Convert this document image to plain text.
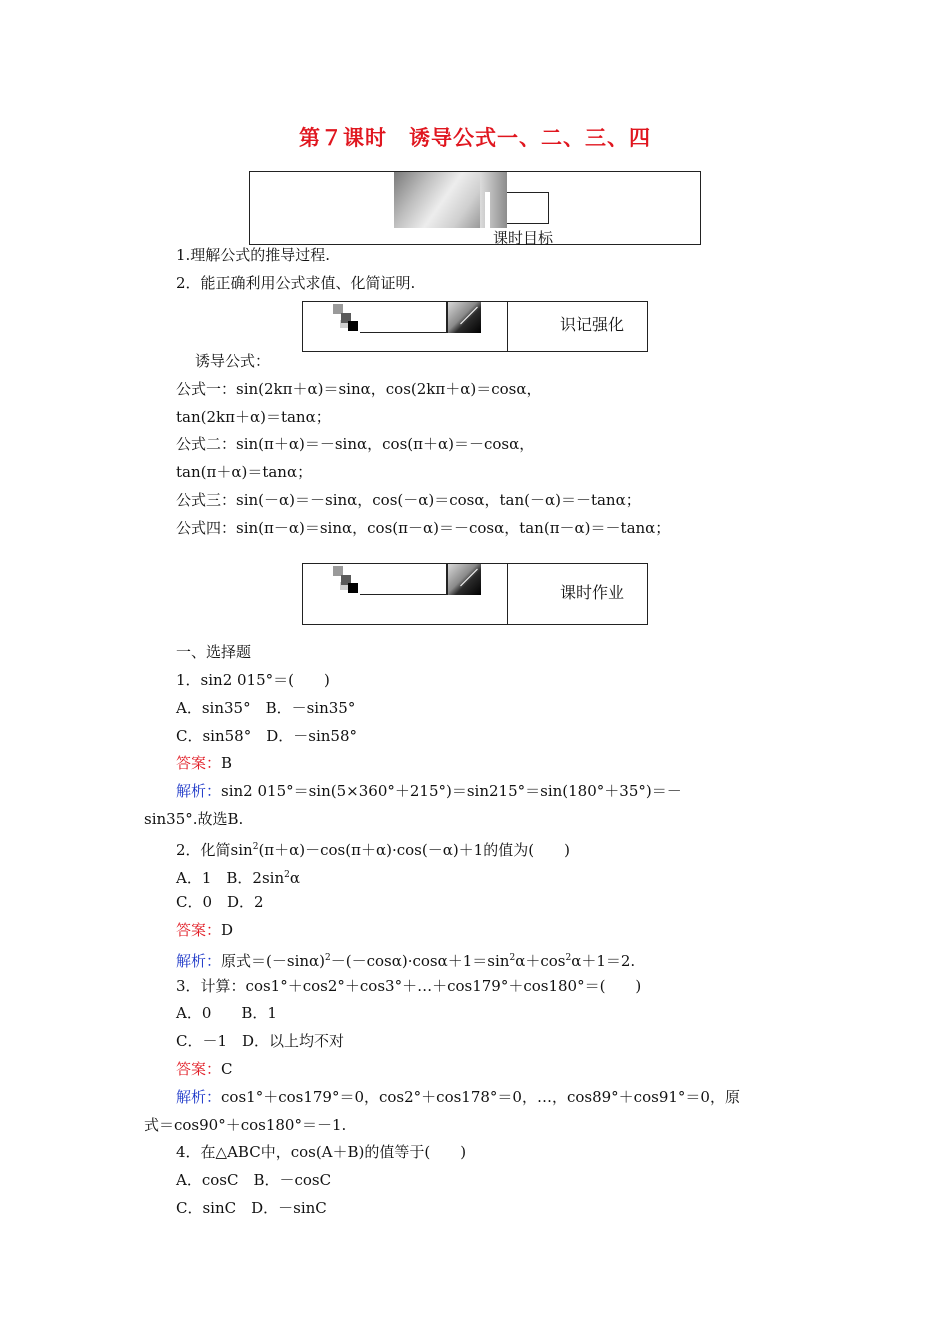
第７课时　诱导公式一、二、三、四
课时目标
1.理解公式的推导过程.
2．能正确利用公式求值、化简证明.
识记强化
诱导公式：
公式一：sin(2kπ＋α)＝sinα，cos(2kπ＋α)＝cosα，
tan(2kπ＋α)＝tanα；
公式二：sin(π＋α)＝－sinα，cos(π＋α)＝－cosα，
tan(π＋α)＝tanα；
公式三：sin(－α)＝－sinα，cos(－α)＝cosα，tan(－α)＝－tanα；
公式四：sin(π－α)＝sinα，cos(π－α)＝－cosα，tan(π－α)＝－tanα；
课时作业
一、选择题
1．sin2 015°＝(　　)
A．sin35°　B．－sin35°
C．sin58°　D．－sin58°
答案：B
解析：sin2 015°＝sin(5×360°＋215°)＝sin215°＝sin(180°＋35°)＝－
sin35°.故选B.
2．化简$\sin^2(\pi+\alpha)-\cos(\pi+\alpha)\cdot\cos(-\alpha)+1$的值为(　　)
A．1　B．$2\sin^2\alpha$
C．0　D．2
答案：D
解析：原式$=(-\sin\alpha)^2-(-\cos\alpha)\cdot\cos\alpha+1=\sin^2\alpha+\cos^2\alpha+1=2$.
3．计算：cos1°＋cos2°＋cos3°＋…＋cos179°＋cos180°＝(　　)
A．0　　B．1
C．－1　D．以上均不对
答案：C
解析：cos1°＋cos179°＝0，cos2°＋cos178°＝0，…，cos89°＋cos91°＝0，原
式＝cos90°＋cos180°＝－1.
4．在△ABC中，cos(A＋B)的值等于(　　)
A．cosC　B．－cosC
C．sinC　D．－sinC
